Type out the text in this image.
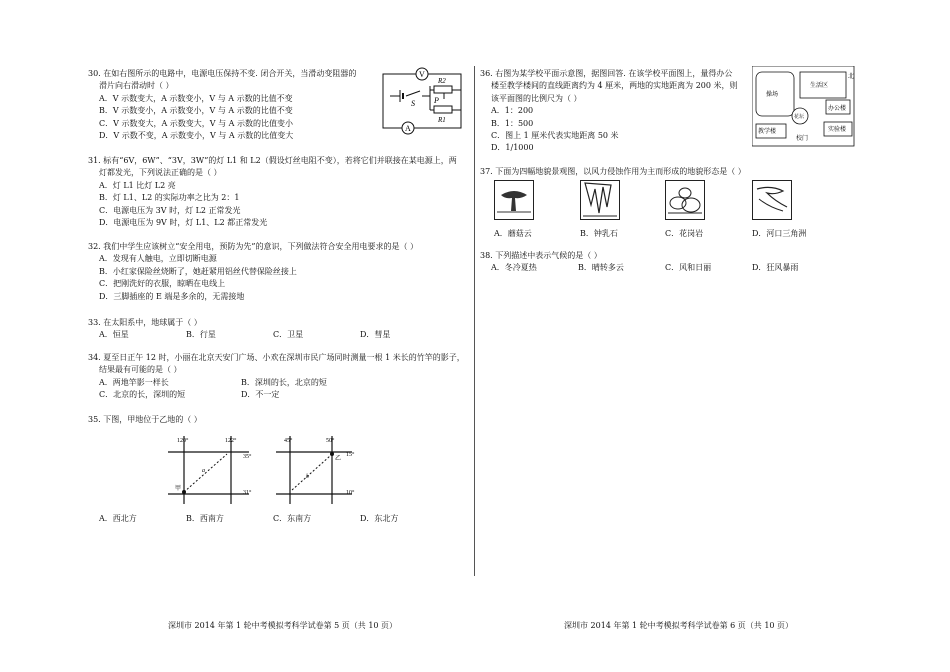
30. 在如右图所示的电路中，电源电压保持不变. 闭合开关，当滑动变阻器的
滑片向右滑动时（ ）
A．V 示数变大，A 示数变小，V 与 A 示数的比值不变
B．V 示数变小，A 示数变小，V 与 A 示数的比值不变
C．V 示数变大，A 示数变大，V 与 A 示数的比值变小
D．V 示数不变，A 示数变小，V 与 A 示数的比值变大
V
A
S
R2
P
R1
31. 标有“6V，6W”、“3V，3W”的灯 L1 和 L2（假设灯丝电阻不变），若将它们并联接在某电源上，两
灯都发光，下列说法正确的是（ ）
A．灯 L1 比灯 L2 亮
B．灯 L1、L2 的实际功率之比为 2：1
C．电源电压为 3V 时，灯 L2 正常发光
D．电源电压为 9V 时，灯 L1、L2 都正常发光
32. 我们中学生应该树立“安全用电，预防为先”的意识，下列做法符合安全用电要求的是（ ）
A．发现有人触电，立即切断电源
B．小红家保险丝烧断了，她赶紧用铝丝代替保险丝接上
C．把刚洗好的衣服，晾晒在电线上
D．三脚插座的 E 端是多余的，无需接地
33. 在太阳系中，地球属于（ ）
A．恒星	B．行星	C．卫星	D．彗星
34. 夏至日正午 12 时，小丽在北京天安门广场、小欢在深圳市民广场同时测量一根 1 米长的竹竿的影子，
结果最有可能的是（ ）
A．两地竿影一样长	B．深圳的长，北京的短
C．北京的长，深圳的短	D．不一定
35. 下图，甲地位于乙地的（ ）
120°	122°
35°
31°
甲
a
45°	50°
15°
10°
乙
b
A．西北方	B．西南方	C．东南方	D．东北方
深圳市 2014 年第 1 轮中考模拟考科学试卷第 5 页（共 10 页）
36. 右图为某学校平面示意图，据图回答. 在该学校平面图上，量得办公
楼至教学楼间的直线距离约为 4 厘米，两地的实地距离为 200 米，则
该平面图的比例尺为（ ）
A．1：200
B．1：500
C．图上 1 厘米代表实地距离 50 米
D．1/1000
北
操场
生活区
办公楼
花坛
教学楼
校门
实验楼
37. 下面为四幅地貌景观图，以风力侵蚀作用为主而形成的地貌形态是（ ）
A．蘑菇云	B．钟乳石	C．花岗岩	D．河口三角洲
38. 下列描述中表示气候的是（ ）
A．冬冷夏热	B．晴转多云	C．风和日丽	D．狂风暴雨
深圳市 2014 年第 1 轮中考模拟考科学试卷第 6 页（共 10 页）
